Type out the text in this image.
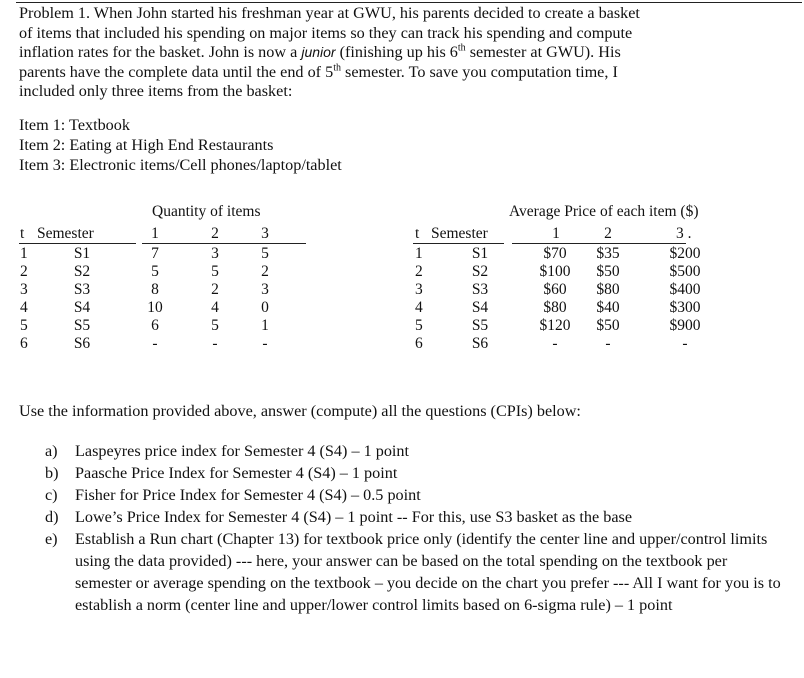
Problem 1. When John started his freshman year at GWU, his parents decided to create a basket

of items that included his spending on major items so they can track his spending and compute

inflation rates for the basket. John is now a junior (finishing up his 6th semester at GWU). His

parents have the complete data until the end of 5th semester. To save you computation time, I

included only three items from the basket:

Item 1: Textbook
Item 2: Eating at High End Restaurants
Item 3: Electronic items/Cell phones/laptop/tablet
Quantity of items
t Semester	1	2	3
1	S1	7	3	5
2	S2	5	5	2
3	S3	8	2	3
4	S4	10	4	0
5	S5	6	5	1
6	S6	-	-	-
Average Price of each item ($)
t Semester	1	2	3 .
1	S1	$70	$35	$200
2	S2	$100	$50	$500
3	S3	$60	$80	$400
4	S4	$80	$40	$300
5	S5	$120	$50	$900
6	S6	-	-	-
Use the information provided above, answer (compute) all the questions (CPIs) below:
a) Laspeyres price index for Semester 4 (S4) – 1 point
b) Paasche Price Index for Semester 4 (S4) – 1 point
c) Fisher for Price Index for Semester 4 (S4) – 0.5 point
d) Lowe’s Price Index for Semester 4 (S4) – 1 point -- For this, use S3 basket as the base
e) Establish a Run chart (Chapter 13) for textbook price only (identify the center line and upper/control limits using the data provided) --- here, your answer can be based on the total spending on the textbook per semester or average spending on the textbook – you decide on the chart you prefer --- All I want for you is to establish a norm (center line and upper/lower control limits based on 6-sigma rule) – 1 point
